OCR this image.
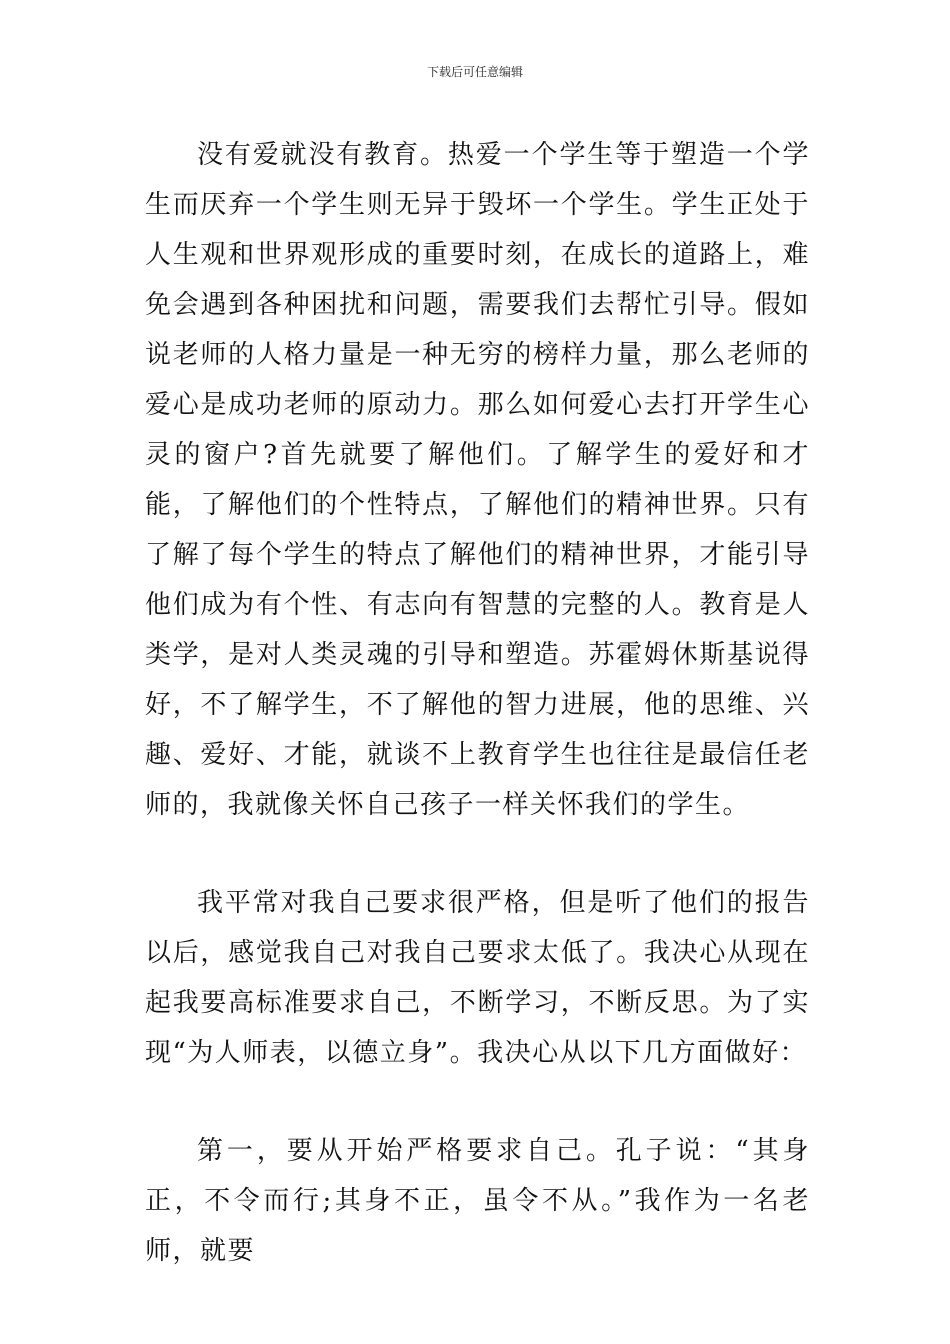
下载后可任意编辑

没有爱就没有教育。热爱一个学生等于塑造一个学生而厌弃一个学生则无异于毁坏一个学生。学生正处于人生观和世界观形成的重要时刻，在成长的道路上，难免会遇到各种困扰和问题，需要我们去帮忙引导。假如说老师的人格力量是一种无穷的榜样力量，那么老师的爱心是成功老师的原动力。那么如何爱心去打开学生心灵的窗户?首先就要了解他们。了解学生的爱好和才能，了解他们的个性特点，了解他们的精神世界。只有了解了每个学生的特点了解他们的精神世界，才能引导他们成为有个性、有志向有智慧的完整的人。教育是人类学，是对人类灵魂的引导和塑造。苏霍姆休斯基说得好，不了解学生，不了解他的智力进展，他的思维、兴趣、爱好、才能，就谈不上教育学生也往往是最信任老师的，我就像关怀自己孩子一样关怀我们的学生。

我平常对我自己要求很严格，但是听了他们的报告以后，感觉我自己对我自己要求太低了。我决心从现在起我要高标准要求自己，不断学习，不断反思。为了实现“为人师表，以德立身”。我决心从以下几方面做好：

第一，要从开始严格要求自己。孔子说：“其身正，不令而行;其身不正，虽令不从。”我作为一名老师，就要
